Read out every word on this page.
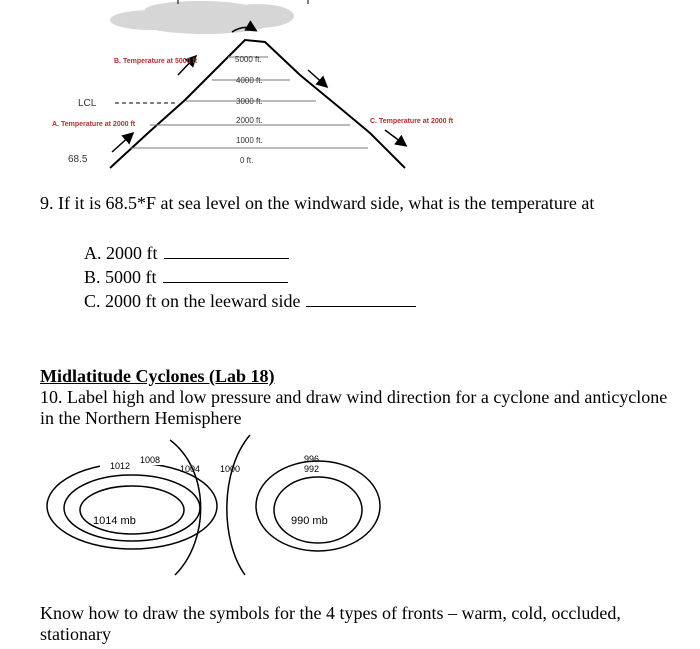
B. Temperature at 5000 ft
LCL
A. Temperature at 2000 ft	C. Temperature at 2000 ft
68.5
5000 ft.
4000 ft.
3000 ft.
2000 ft.
1000 ft.
0 ft.
9. If it is 68.5*F at sea level on the windward side, what is the temperature at
A. 2000 ft
B. 5000 ft
C. 2000 ft on the leeward side
Midlatitude Cyclones (Lab 18)
10. Label high and low pressure and draw wind direction for a cyclone and anticyclone in the Northern Hemisphere
1012
1008
1004 1000
996
992
1014 mb	990 mb
Know how to draw the symbols for the 4 types of fronts – warm, cold, occluded, stationary
